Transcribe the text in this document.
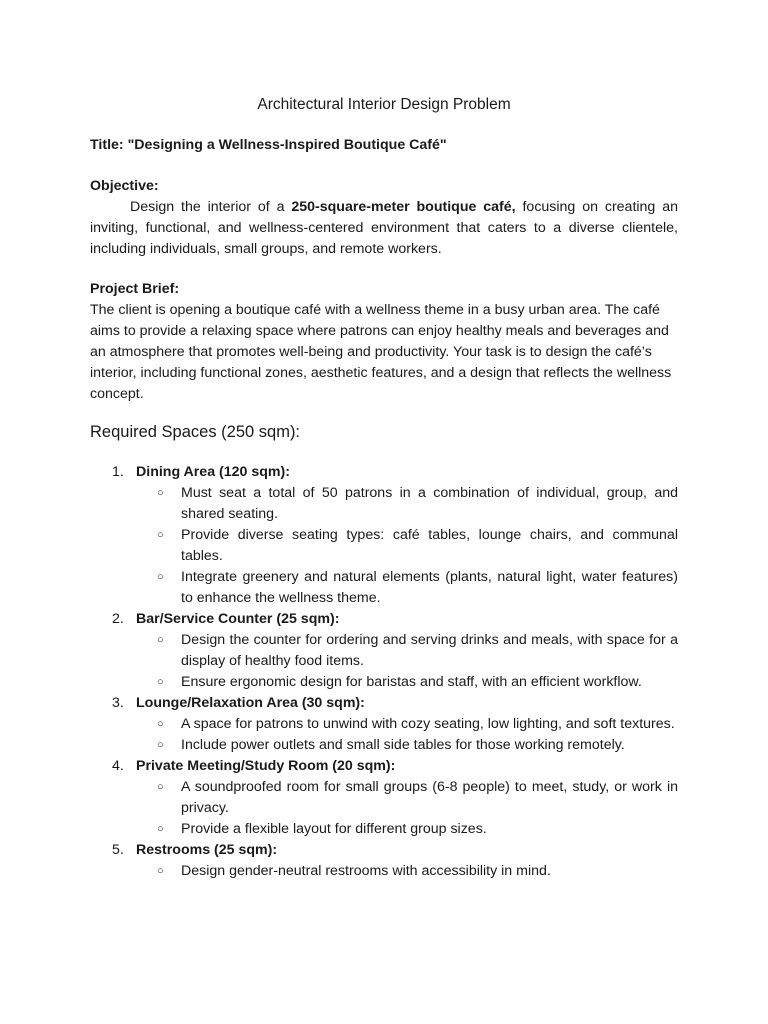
Architectural Interior Design Problem
Title: "Designing a Wellness-Inspired Boutique Café"
Objective:
Design the interior of a 250-square-meter boutique café, focusing on creating an inviting, functional, and wellness-centered environment that caters to a diverse clientele, including individuals, small groups, and remote workers.
Project Brief:
The client is opening a boutique café with a wellness theme in a busy urban area. The café aims to provide a relaxing space where patrons can enjoy healthy meals and beverages and an atmosphere that promotes well-being and productivity. Your task is to design the café’s interior, including functional zones, aesthetic features, and a design that reflects the wellness concept.
Required Spaces (250 sqm):
1. Dining Area (120 sqm):
○ Must seat a total of 50 patrons in a combination of individual, group, and shared seating.
○ Provide diverse seating types: café tables, lounge chairs, and communal tables.
○ Integrate greenery and natural elements (plants, natural light, water features) to enhance the wellness theme.
2. Bar/Service Counter (25 sqm):
○ Design the counter for ordering and serving drinks and meals, with space for a display of healthy food items.
○ Ensure ergonomic design for baristas and staff, with an efficient workflow.
3. Lounge/Relaxation Area (30 sqm):
○ A space for patrons to unwind with cozy seating, low lighting, and soft textures.
○ Include power outlets and small side tables for those working remotely.
4. Private Meeting/Study Room (20 sqm):
○ A soundproofed room for small groups (6-8 people) to meet, study, or work in privacy.
○ Provide a flexible layout for different group sizes.
5. Restrooms (25 sqm):
○ Design gender-neutral restrooms with accessibility in mind.
